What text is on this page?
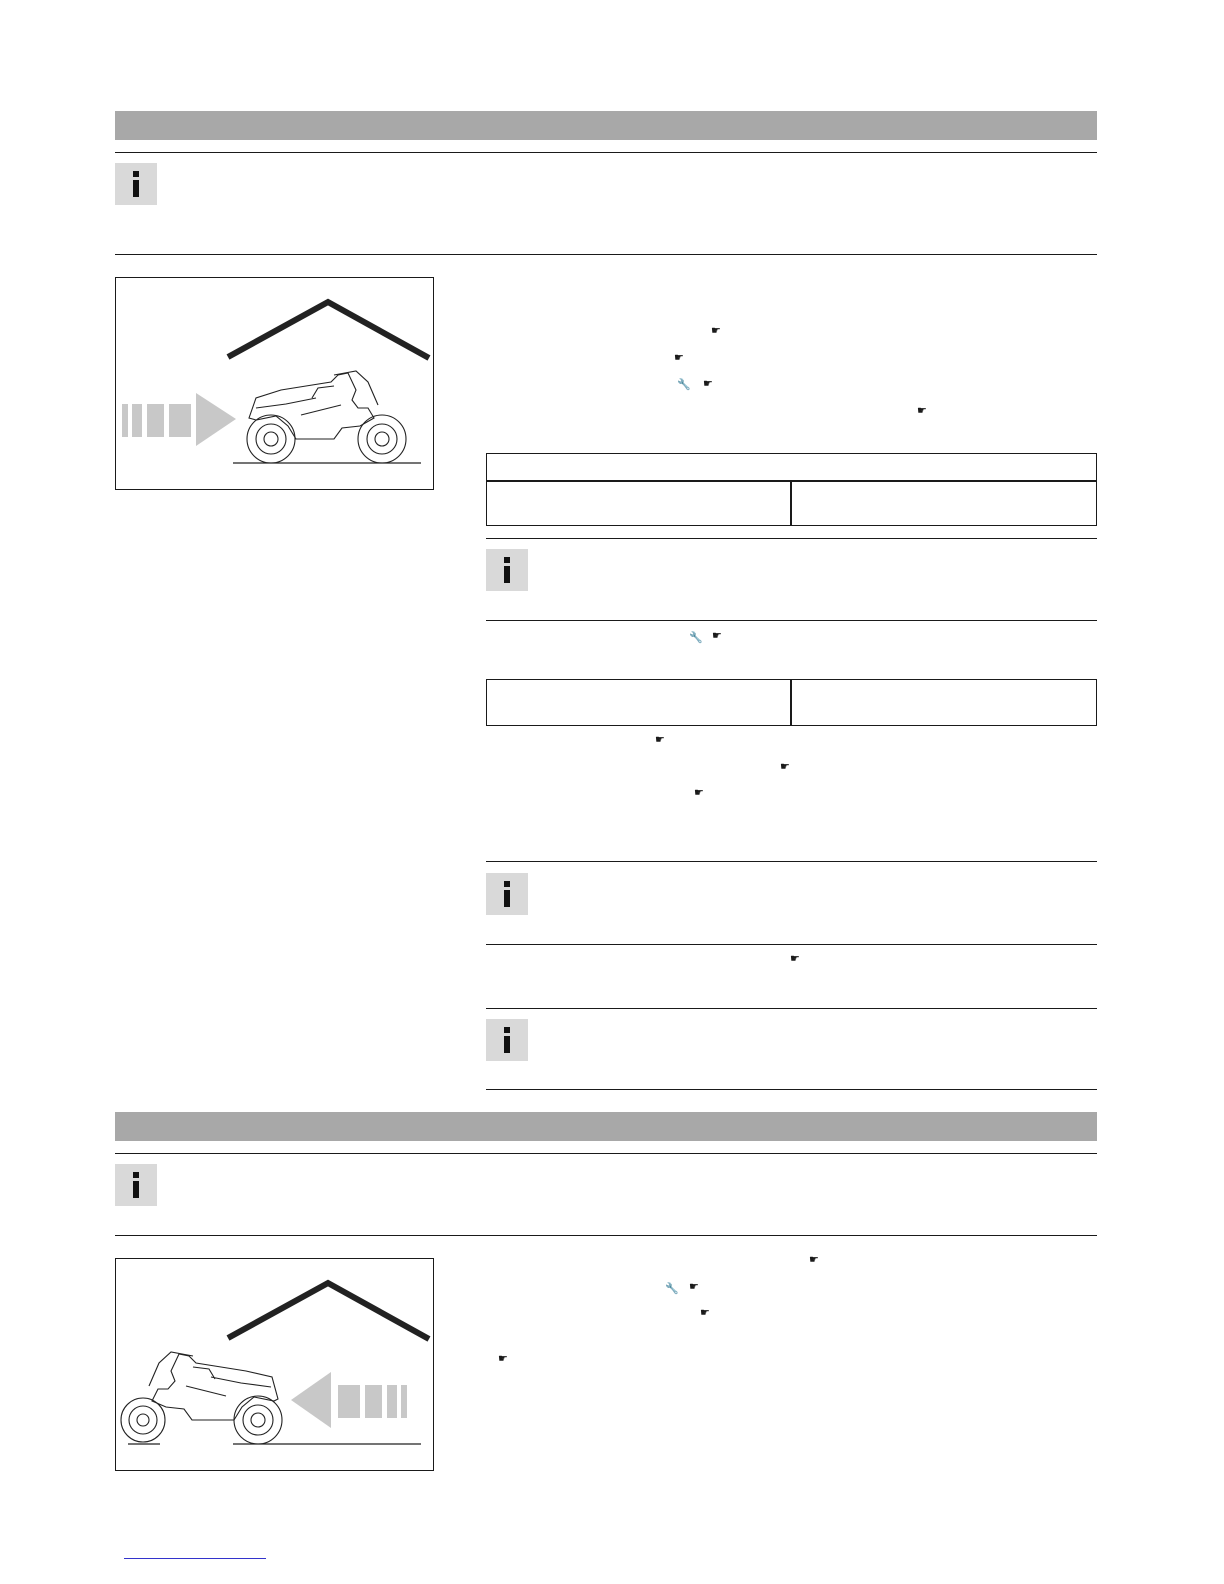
☛
☛
🔧 ☛
☛
🔧 ☛
☛
☛
☛
☛
☛
🔧 ☛
☛
☛
